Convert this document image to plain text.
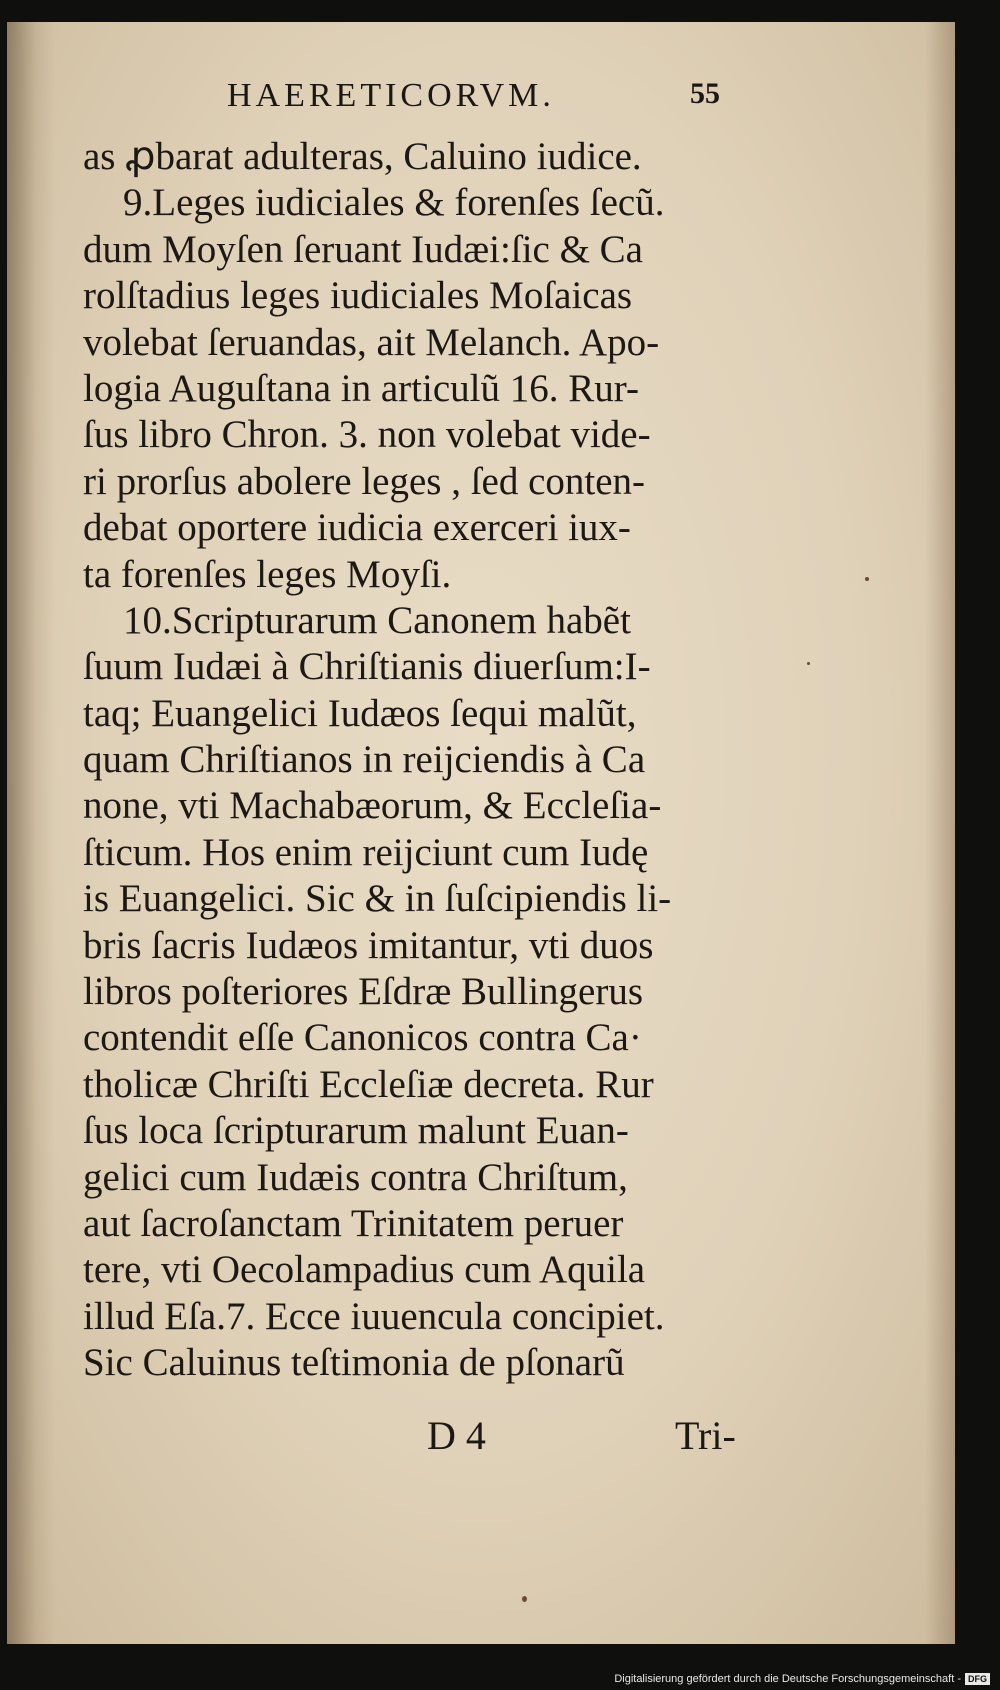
HAERETICORVM.	55
as ꝓbarat adulteras, Caluino iudice.
9.Leges iudiciales & forenſes ſecũ.
dum Moyſen ſeruant Iudæi:ſic & Ca
rolſtadius leges iudiciales Moſaicas
volebat ſeruandas, ait Melanch. Apo-
logia Auguſtana in articulũ 16. Rur-
ſus libro Chron. 3. non volebat vide-
ri prorſus abolere leges , ſed conten-
debat oportere iudicia exerceri iux-
ta forenſes leges Moyſi.
10.Scripturarum Canonem habẽt
ſuum Iudæi à Chriſtianis diuerſum:I-
taq; Euangelici Iudæos ſequi malũt,
quam Chriſtianos in reijciendis à Ca
none, vti Machabæorum, & Eccleſia-
ſticum. Hos enim reijciunt cum Iudę
is Euangelici. Sic & in ſuſcipiendis li-
bris ſacris Iudæos imitantur, vti duos
libros poſteriores Eſdræ Bullingerus
contendit eſſe Canonicos contra Ca·
tholicæ Chriſti Eccleſiæ decreta. Rur
ſus loca ſcripturarum malunt Euan-
gelici cum Iudæis contra Chriſtum,
aut ſacroſanctam Trinitatem peruer
tere, vti Oecolampadius cum Aquila
illud Eſa.7. Ecce iuuencula concipiet.
Sic Caluinus teſtimonia de pſonarũ
D 4	Tri-
Digitalisierung gefördert durch die Deutsche Forschungsgemeinschaft - DFG
